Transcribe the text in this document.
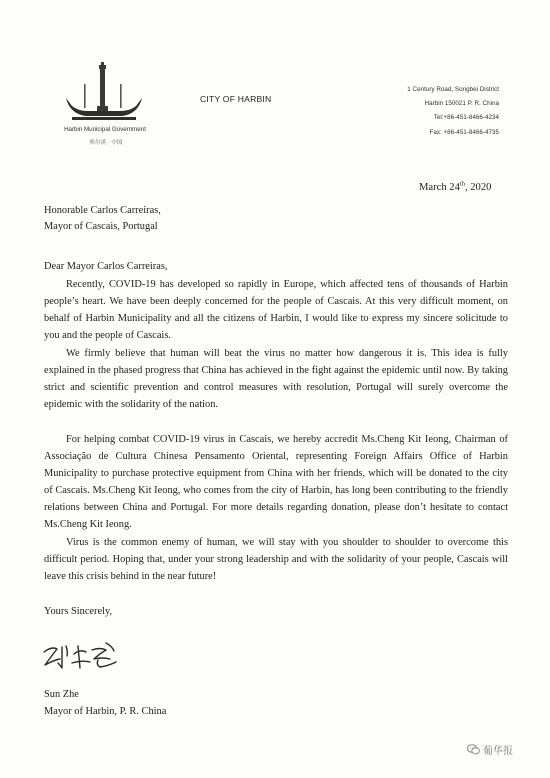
Harbin Municipal Government
哈尔滨 · 中国
CITY OF HARBIN
1 Century Road, Songbei District
Harbin 150021 P. R. China
Tel:+86-451-8466-4234
Fax: +86-451-8466-4735
March 24th, 2020
Honorable Carlos Carreiras,
Mayor of Cascais, Portugal
Dear Mayor Carlos Carreiras,

Recently, COVID-19 has developed so rapidly in Europe, which affected tens of thousands of Harbin people’s heart. We have been deeply concerned for the people of Cascais. At this very difficult moment, on behalf of Harbin Municipality and all the citizens of Harbin, I would like to express my sincere solicitude to you and the people of Cascais.

We firmly believe that human will beat the virus no matter how dangerous it is. This idea is fully explained in the phased progress that China has achieved in the fight against the epidemic until now. By taking strict and scientific prevention and control measures with resolution, Portugal will surely overcome the epidemic with the solidarity of the nation.

For helping combat COVID-19 virus in Cascais, we hereby accredit Ms.Cheng Kit Ieong, Chairman of Associação de Cultura Chinesa Pensamento Oriental, representing Foreign Affairs Office of Harbin Municipality to purchase protective equipment from China with her friends, which will be donated to the city of Cascais. Ms.Cheng Kit Ieong, who comes from the city of Harbin, has long been contributing to the friendly relations between China and Portugal. For more details regarding donation, please don’t hesitate to contact Ms.Cheng Kit Ieong.

Virus is the common enemy of human, we will stay with you shoulder to shoulder to overcome this difficult period. Hoping that, under your strong leadership and with the solidarity of your people, Cascais will leave this crisis behind in the near future!

Yours Sincerely,
Sun Zhe
Mayor of Harbin, P. R. China
葡华报
